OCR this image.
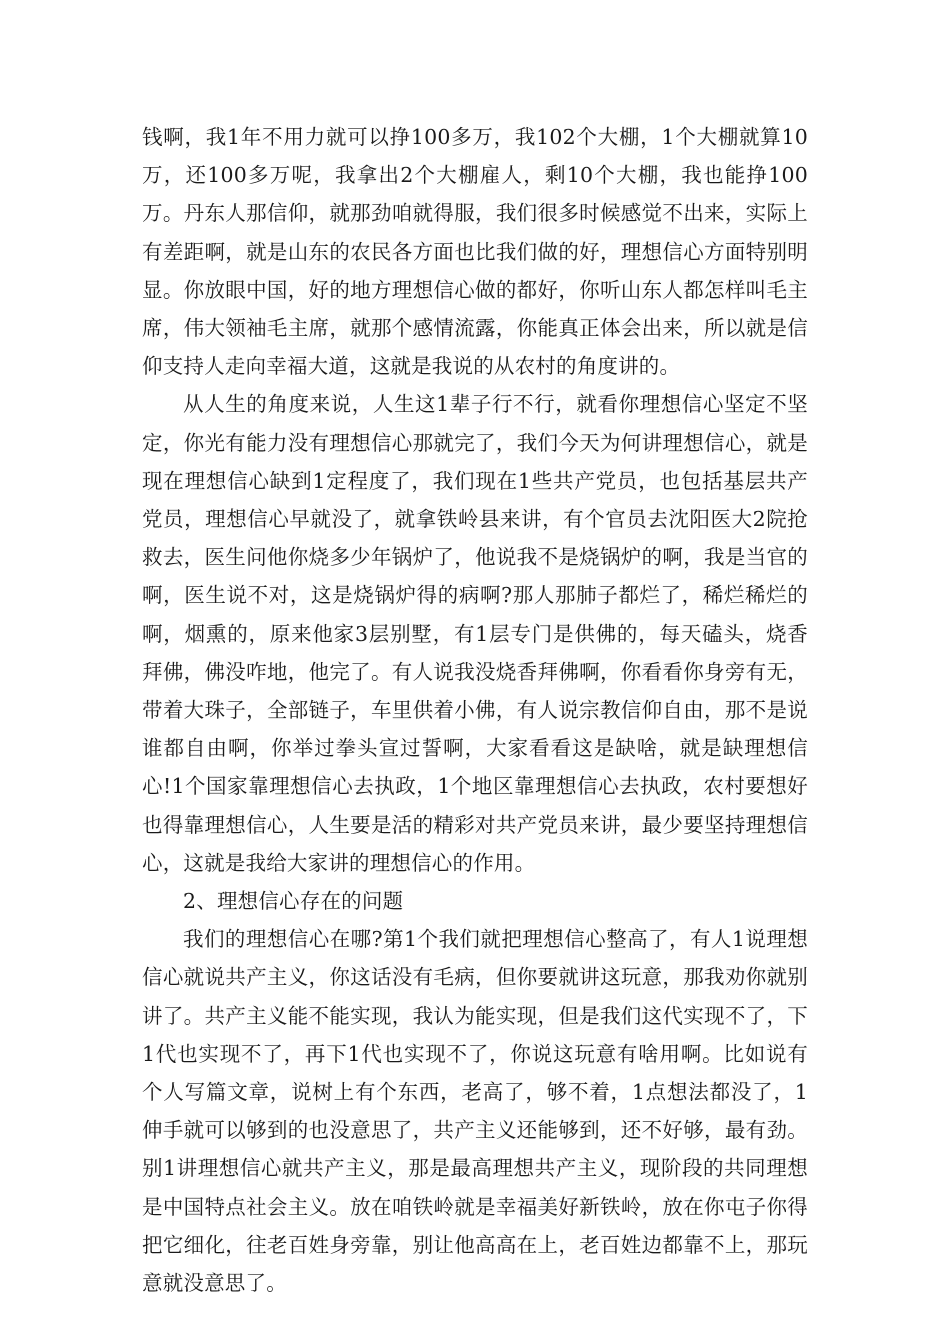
钱啊，我1年不用力就可以挣100多万，我102个大棚，1个大棚就算10万，还100多万呢，我拿出2个大棚雇人，剩10个大棚，我也能挣100万。丹东人那信仰，就那劲咱就得服，我们很多时候感觉不出来，实际上有差距啊，就是山东的农民各方面也比我们做的好，理想信心方面特别明显。你放眼中国，好的地方理想信心做的都好，你听山东人都怎样叫毛主席，伟大领袖毛主席，就那个感情流露，你能真正体会出来，所以就是信仰支持人走向幸福大道，这就是我说的从农村的角度讲的。

从人生的角度来说，人生这1辈子行不行，就看你理想信心坚定不坚定，你光有能力没有理想信心那就完了，我们今天为何讲理想信心，就是现在理想信心缺到1定程度了，我们现在1些共产党员，也包括基层共产党员，理想信心早就没了，就拿铁岭县来讲，有个官员去沈阳医大2院抢救去，医生问他你烧多少年锅炉了，他说我不是烧锅炉的啊，我是当官的啊，医生说不对，这是烧锅炉得的病啊?那人那肺子都烂了，稀烂稀烂的啊，烟熏的，原来他家3层别墅，有1层专门是供佛的，每天磕头，烧香拜佛，佛没咋地，他完了。有人说我没烧香拜佛啊，你看看你身旁有无，带着大珠子，全部链子，车里供着小佛，有人说宗教信仰自由，那不是说谁都自由啊，你举过拳头宣过誓啊，大家看看这是缺啥，就是缺理想信心!1个国家靠理想信心去执政，1个地区靠理想信心去执政，农村要想好也得靠理想信心，人生要是活的精彩对共产党员来讲，最少要坚持理想信心，这就是我给大家讲的理想信心的作用。

2、理想信心存在的问题

我们的理想信心在哪?第1个我们就把理想信心整高了，有人1说理想信心就说共产主义，你这话没有毛病，但你要就讲这玩意，那我劝你就别讲了。共产主义能不能实现，我认为能实现，但是我们这代实现不了，下1代也实现不了，再下1代也实现不了，你说这玩意有啥用啊。比如说有个人写篇文章，说树上有个东西，老高了，够不着，1点想法都没了，1伸手就可以够到的也没意思了，共产主义还能够到，还不好够，最有劲。别1讲理想信心就共产主义，那是最高理想共产主义，现阶段的共同理想是中国特点社会主义。放在咱铁岭就是幸福美好新铁岭，放在你屯子你得把它细化，往老百姓身旁靠，别让他高高在上，老百姓边都靠不上，那玩意就没意思了。
